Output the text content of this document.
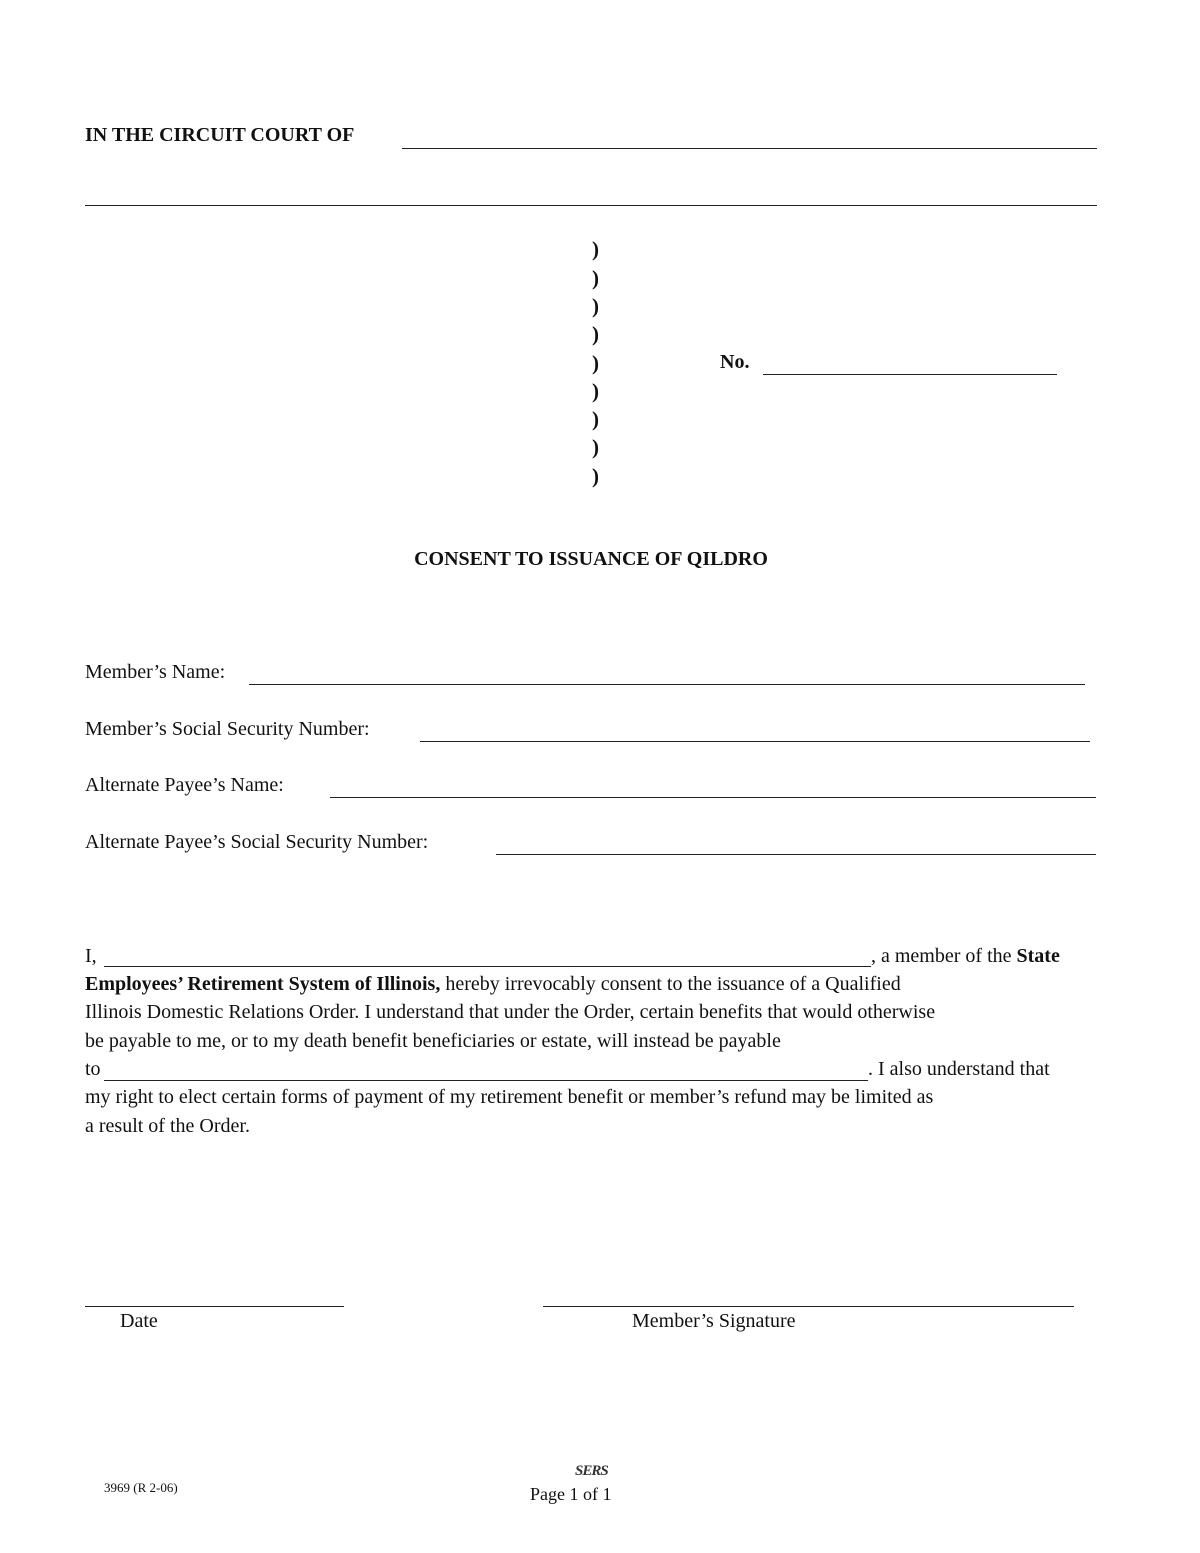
IN THE CIRCUIT COURT OF
)
)
)
)
)
)
)
)
)
No.
CONSENT TO ISSUANCE OF QILDRO
Member’s Name:
Member’s Social Security Number:
Alternate Payee’s Name:
Alternate Payee’s Social Security Number:
I,	, a member of the State
Employees’ Retirement System of Illinois, hereby irrevocably consent to the issuance of a Qualified
Illinois Domestic Relations Order. I understand that under the Order, certain benefits that would otherwise
be payable to me, or to my death benefit beneficiaries or estate, will instead be payable
to	. I also understand that
my right to elect certain forms of payment of my retirement benefit or member’s refund may be limited as
a result of the Order.
Date	Member’s Signature
3969 (R 2-06)
SERS
Page 1 of 1
